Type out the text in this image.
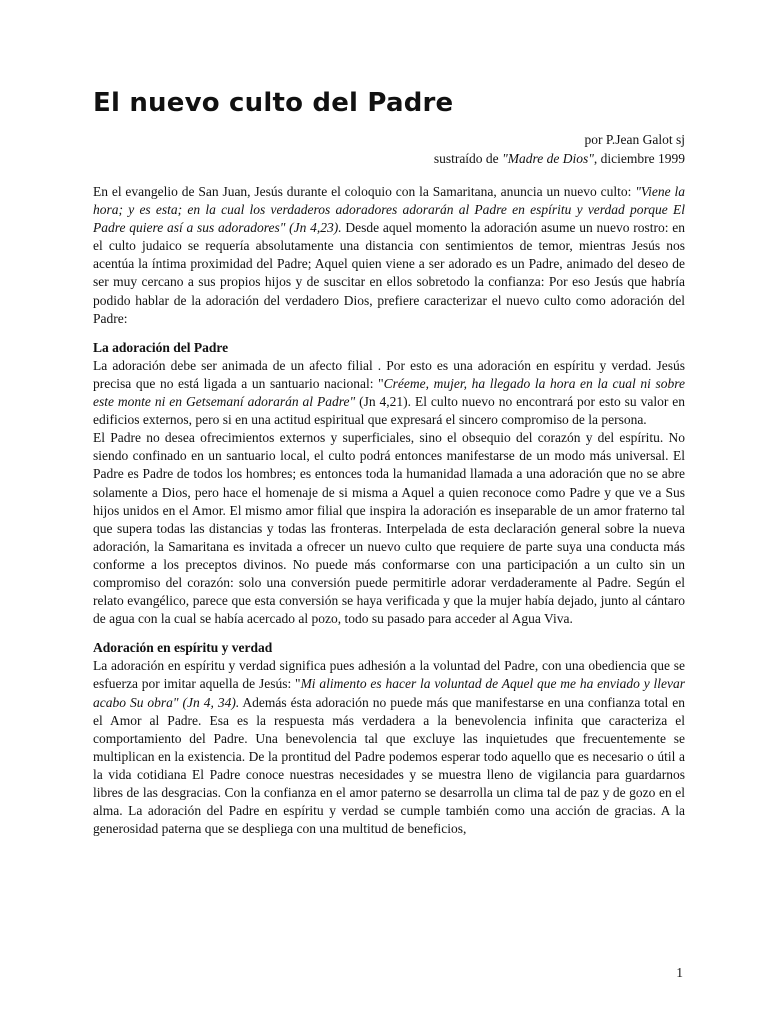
El nuevo culto del Padre
por P.Jean Galot sj
sustraído de "Madre de Dios", diciembre 1999

En el evangelio de San Juan, Jesús durante el coloquio con la Samaritana, anuncia un nuevo culto: "Viene la hora; y es esta; en la cual los verdaderos adoradores adorarán al Padre en espíritu y verdad porque El Padre quiere así a sus adoradores" (Jn 4,23). Desde aquel momento la adoración asume un nuevo rostro: en el culto judaico se requería absolutamente una distancia con sentimientos de temor, mientras Jesús nos acentúa la íntima proximidad del Padre; Aquel quien viene a ser adorado es un Padre, animado del deseo de ser muy cercano a sus propios hijos y de suscitar en ellos sobretodo la confianza: Por eso Jesús que habría podido hablar de la adoración del verdadero Dios, prefiere caracterizar el nuevo culto como adoración del Padre:

La adoración del Padre

La adoración debe ser animada de un afecto filial . Por esto es una adoración en espíritu y verdad. Jesús precisa que no está ligada a un santuario nacional: "Créeme, mujer, ha llegado la hora en la cual ni sobre este monte ni en Getsemaní adorarán al Padre" (Jn 4,21). El culto nuevo no encontrará por esto su valor en edificios externos, pero si en una actitud espiritual que expresará el sincero compromiso de la persona.

El Padre no desea ofrecimientos externos y superficiales, sino el obsequio del corazón y del espíritu. No siendo confinado en un santuario local, el culto podrá entonces manifestarse de un modo más universal. El Padre es Padre de todos los hombres; es entonces toda la humanidad llamada a una adoración que no se abre solamente a Dios, pero hace el homenaje de si misma a Aquel a quien reconoce como Padre y que ve a Sus hijos unidos en el Amor. El mismo amor filial que inspira la adoración es inseparable de un amor fraterno tal que supera todas las distancias y todas las fronteras. Interpelada de esta declaración general sobre la nueva adoración, la Samaritana es invitada a ofrecer un nuevo culto que requiere de parte suya una conducta más conforme a los preceptos divinos. No puede más conformarse con una participación a un culto sin un compromiso del corazón: solo una conversión puede permitirle adorar verdaderamente al Padre. Según el relato evangélico, parece que esta conversión se haya verificada y que la mujer había dejado, junto al cántaro de agua con la cual se había acercado al pozo, todo su pasado para acceder al Agua Viva.

Adoración en espíritu y verdad

La adoración en espíritu y verdad significa pues adhesión a la voluntad del Padre, con una obediencia que se esfuerza por imitar aquella de Jesús: "Mi alimento es hacer la voluntad de Aquel que me ha enviado y llevar acabo Su obra" (Jn 4, 34). Además ésta adoración no puede más que manifestarse en una confianza total en el Amor al Padre. Esa es la respuesta más verdadera a la benevolencia infinita que caracteriza el comportamiento del Padre. Una benevolencia tal que excluye las inquietudes que frecuentemente se multiplican en la existencia. De la prontitud del Padre podemos esperar todo aquello que es necesario o útil a la vida cotidiana El Padre conoce nuestras necesidades y se muestra lleno de vigilancia para guardarnos libres de las desgracias. Con la confianza en el amor paterno se desarrolla un clima tal de paz y de gozo en el alma. La adoración del Padre en espíritu y verdad se cumple también como una acción de gracias. A la generosidad paterna que se despliega con una multitud de beneficios,

1
